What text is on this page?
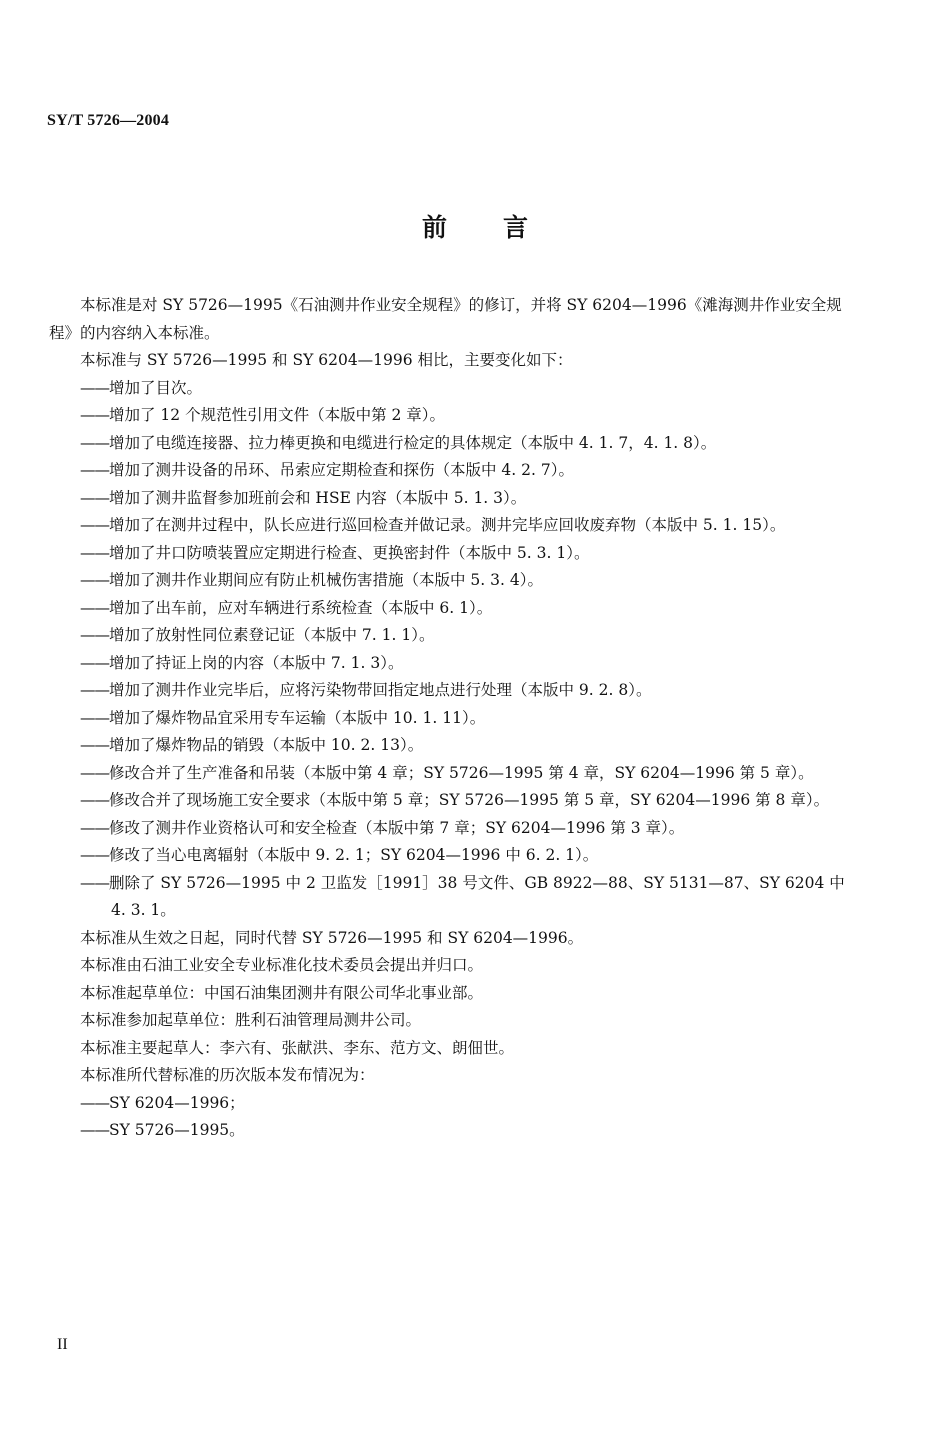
SY/T 5726—2004
前言

本标准是对 SY 5726—1995《石油测井作业安全规程》的修订，并将 SY 6204—1996《滩海测井作业安全规程》的内容纳入本标准。

本标准与 SY 5726—1995 和 SY 6204—1996 相比，主要变化如下：

——增加了目次。

——增加了 12 个规范性引用文件（本版中第 2 章）。

——增加了电缆连接器、拉力棒更换和电缆进行检定的具体规定（本版中 4. 1. 7，4. 1. 8）。

——增加了测井设备的吊环、吊索应定期检查和探伤（本版中 4. 2. 7）。

——增加了测井监督参加班前会和 HSE 内容（本版中 5. 1. 3）。

——增加了在测井过程中，队长应进行巡回检查并做记录。测井完毕应回收废弃物（本版中 5. 1. 15）。

——增加了井口防喷装置应定期进行检查、更换密封件（本版中 5. 3. 1）。

——增加了测井作业期间应有防止机械伤害措施（本版中 5. 3. 4）。

——增加了出车前，应对车辆进行系统检查（本版中 6. 1）。

——增加了放射性同位素登记证（本版中 7. 1. 1）。

——增加了持证上岗的内容（本版中 7. 1. 3）。

——增加了测井作业完毕后，应将污染物带回指定地点进行处理（本版中 9. 2. 8）。

——增加了爆炸物品宜采用专车运输（本版中 10. 1. 11）。

——增加了爆炸物品的销毁（本版中 10. 2. 13）。

——修改合并了生产准备和吊装（本版中第 4 章；SY 5726—1995 第 4 章，SY 6204—1996 第 5 章）。

——修改合并了现场施工安全要求（本版中第 5 章；SY 5726—1995 第 5 章，SY 6204—1996 第 8 章）。

——修改了测井作业资格认可和安全检查（本版中第 7 章；SY 6204—1996 第 3 章）。

——修改了当心电离辐射（本版中 9. 2. 1；SY 6204—1996 中 6. 2. 1）。

——删除了 SY 5726—1995 中 2 卫监发［1991］38 号文件、GB 8922—88、SY 5131—87、SY 6204 中 4. 3. 1。

本标准从生效之日起，同时代替 SY 5726—1995 和 SY 6204—1996。

本标准由石油工业安全专业标准化技术委员会提出并归口。

本标准起草单位：中国石油集团测井有限公司华北事业部。

本标准参加起草单位：胜利石油管理局测井公司。

本标准主要起草人：李六有、张献洪、李东、范方文、朗佃世。

本标准所代替标准的历次版本发布情况为：

——SY 6204—1996；

——SY 5726—1995。

II
